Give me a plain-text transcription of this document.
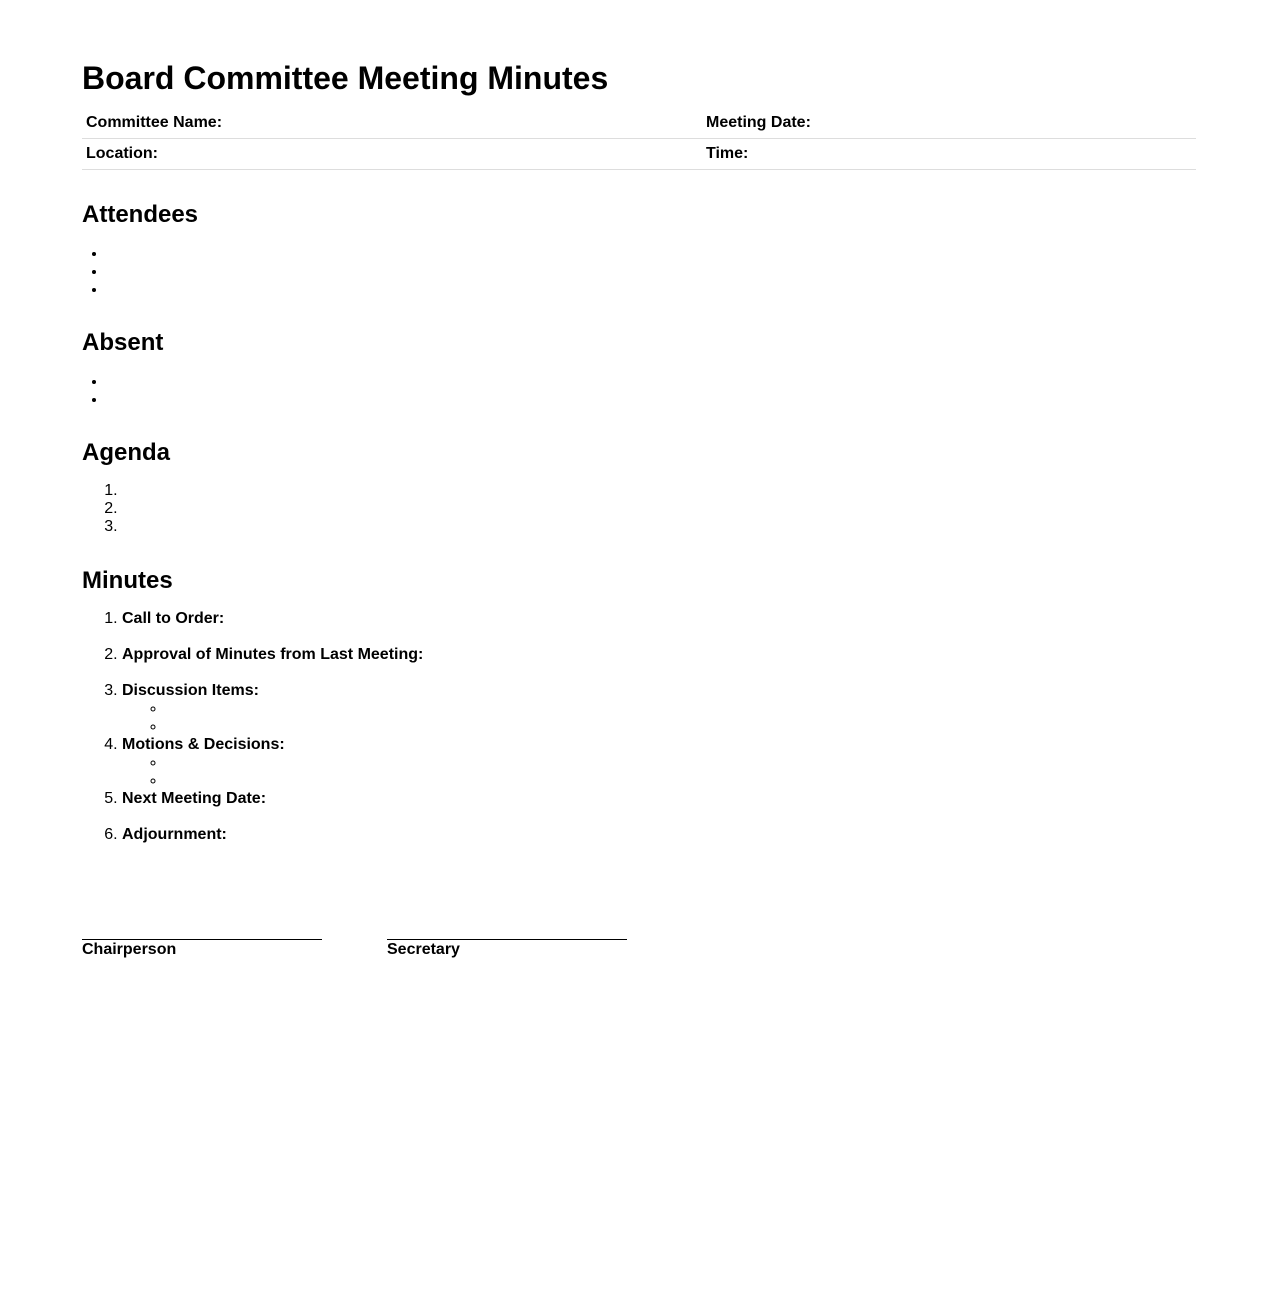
Board Committee Meeting Minutes
Committee Name:	Meeting Date:
Location:	Time:
Attendees
Absent
Agenda
Minutes
1. Call to Order:
2. Approval of Minutes from Last Meeting:
3. Discussion Items:
◦
◦
4. Motions & Decisions:
◦
◦
5. Next Meeting Date:
6. Adjournment:
Chairperson	Secretary
